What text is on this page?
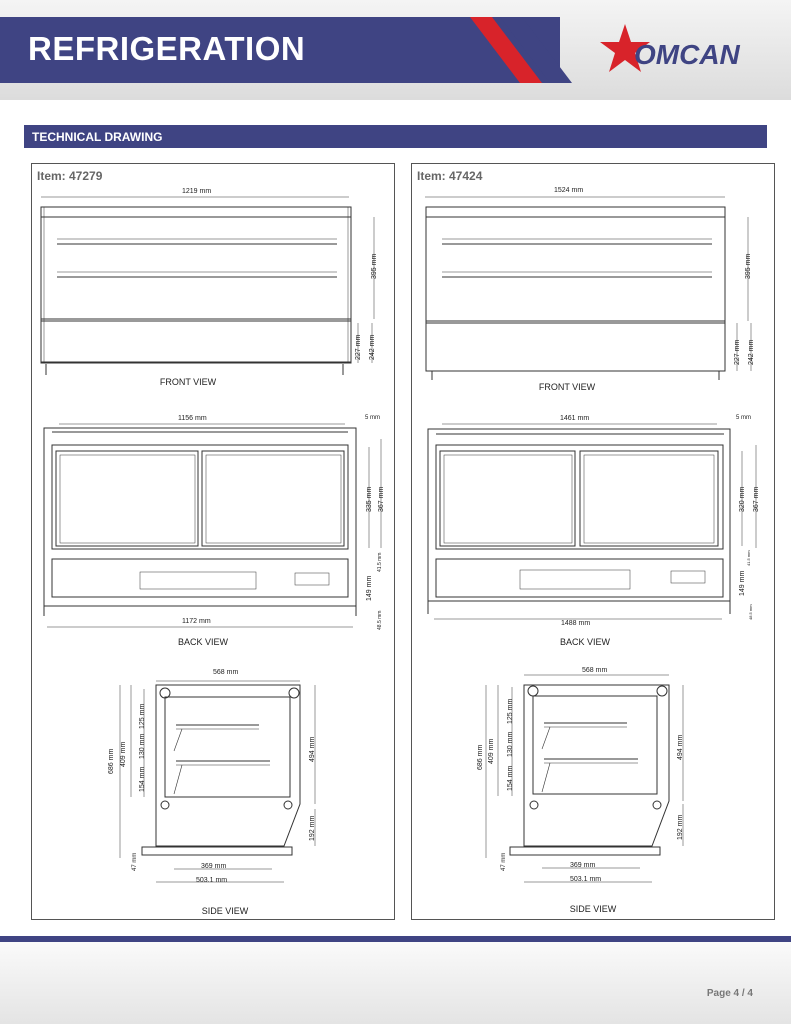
REFRIGERATION	OMCAN
TECHNICAL DRAWING
Item: 47279
1219 mm
395 mm
227 mm 242 mm
1156 mm	5 mm
335 mm 367 mm
41.5 mm
149 mm
48.5 mm
1172 mm
568 mm
125 mm
409 mm
686 mm
130 mm
154 mm
494 mm
192 mm
47 mm	369 mm
503.1 mm
FRONT VIEW
BACK VIEW
SIDE VIEW
Item: 47424
1524 mm
395 mm
227 mm 242 mm
1461 mm	5 mm
320 mm 367 mm
41.5 mm
149 mm
48.5 mm
1488 mm
568 mm
125 mm
409 mm
686 mm
130 mm
154 mm
494 mm
192 mm
47 mm	369 mm
503.1 mm
FRONT VIEW
BACK VIEW
SIDE VIEW
Page 4 / 4
